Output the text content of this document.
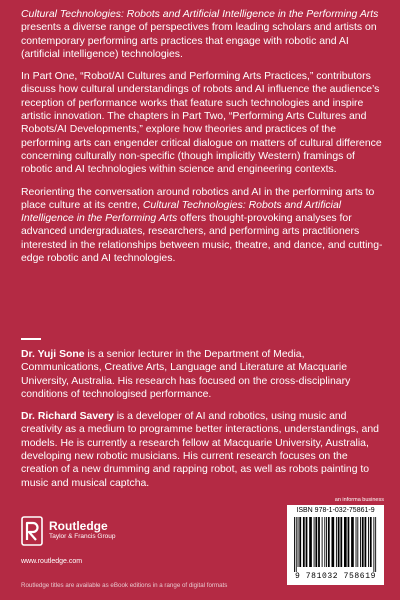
Cultural Technologies: Robots and Artificial Intelligence in the Performing Arts presents a diverse range of perspectives from leading scholars and artists on contemporary performing arts practices that engage with robotic and AI (artificial intelligence) technologies.

In Part One, “Robot/AI Cultures and Performing Arts Practices,” contributors discuss how cultural understandings of robots and AI influence the audience’s reception of performance works that feature such technologies and inspire artistic innovation. The chapters in Part Two, “Performing Arts Cultures and Robots/AI Developments,” explore how theories and practices of the performing arts can engender critical dialogue on matters of cultural difference concerning culturally non-specific (though implicitly Western) framings of robotic and AI technologies within science and engineering contexts.

Reorienting the conversation around robotics and AI in the performing arts to place culture at its centre, Cultural Technologies: Robots and Artificial Intelligence in the Performing Arts offers thought-provoking analyses for advanced undergraduates, researchers, and performing arts practitioners interested in the relationships between music, theatre, and dance, and cutting-edge robotic and AI technologies.

Dr. Yuji Sone is a senior lecturer in the Department of Media, Communications, Creative Arts, Language and Literature at Macquarie University, Australia. His research has focused on the cross-disciplinary conditions of technologised performance.

Dr. Richard Savery is a developer of AI and robotics, using music and creativity as a medium to programme better interactions, understandings, and models. He is currently a research fellow at Macquarie University, Australia, developing new robotic musicians. His current research focuses on the creation of a new drumming and rapping robot, as well as robots painting to music and musical captcha.

Routledge
Taylor & Francis Group
www.routledge.com
Routledge titles are available as eBook editions in a range of digital formats
an informa business
ISBN 978-1-032-75861-9
9 781032 758619
